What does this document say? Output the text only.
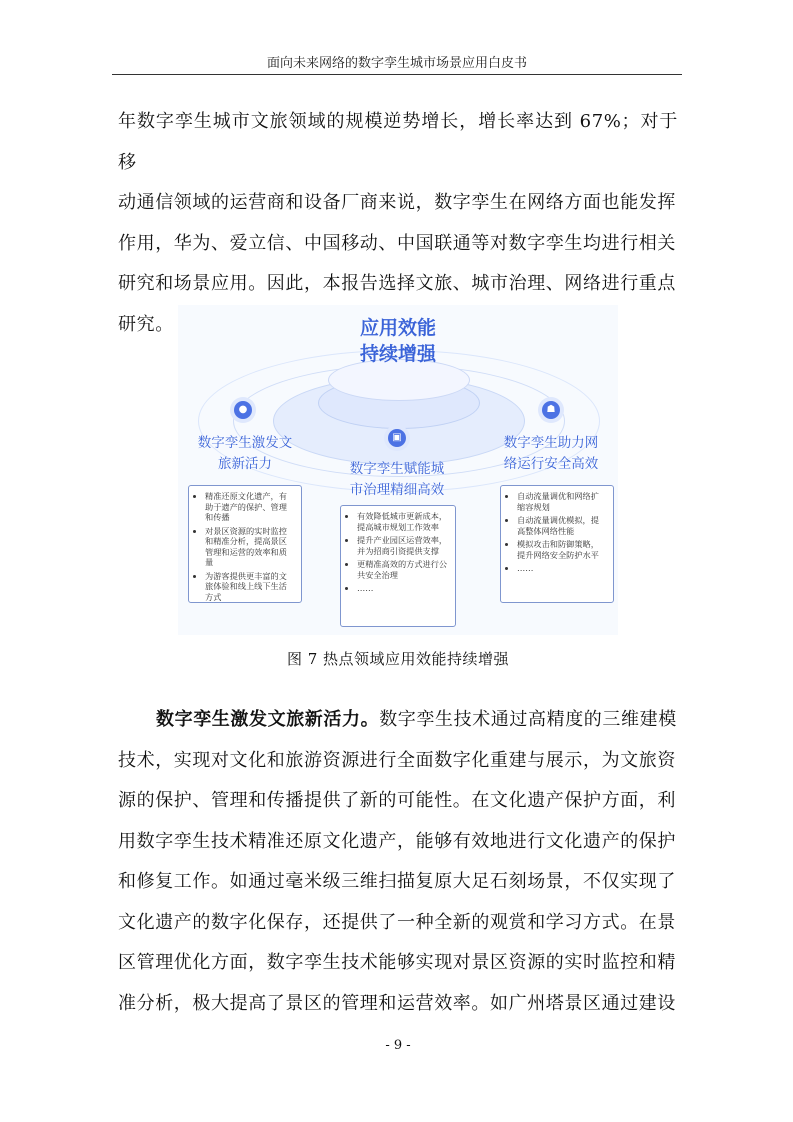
面向未来网络的数字孪生城市场景应用白皮书
年数字孪生城市文旅领域的规模逆势增长，增长率达到 67%；对于移
动通信领域的运营商和设备厂商来说，数字孪生在网络方面也能发挥
作用，华为、爱立信、中国移动、中国联通等对数字孪生均进行相关
研究和场景应用。因此，本报告选择文旅、城市治理、网络进行重点
研究。	应用效能
持续增强
●
数字孪生激发文
旅新活力
• 精准还原文化遗产，有助于遗产的保护、管理和传播
• 对景区资源的实时监控和精准分析，提高景区管理和运营的效率和质量
• 为游客提供更丰富的文旅体验和线上线下生活方式
▣
数字孪生赋能城
市治理精细高效
• 有效降低城市更新成本，提高城市规划工作效率
• 提升产业园区运营效率，并为招商引资提供支撑
• 更精准高效的方式进行公共安全治理
• ……
☗
数字孪生助力网
络运行安全高效
• 自动流量调优和网络扩缩容规划
• 自动流量调优模拟，提高整体网络性能
• 模拟攻击和防御策略，提升网络安全防护水平
• ……
图 7 热点领域应用效能持续增强
数字孪生激发文旅新活力。数字孪生技术通过高精度的三维建模
技术，实现对文化和旅游资源进行全面数字化重建与展示，为文旅资
源的保护、管理和传播提供了新的可能性。在文化遗产保护方面，利
用数字孪生技术精准还原文化遗产，能够有效地进行文化遗产的保护
和修复工作。如通过毫米级三维扫描复原大足石刻场景，不仅实现了
文化遗产的数字化保存，还提供了一种全新的观赏和学习方式。在景
区管理优化方面，数字孪生技术能够实现对景区资源的实时监控和精
准分析，极大提高了景区的管理和运营效率。如广州塔景区通过建设
- 9 -
